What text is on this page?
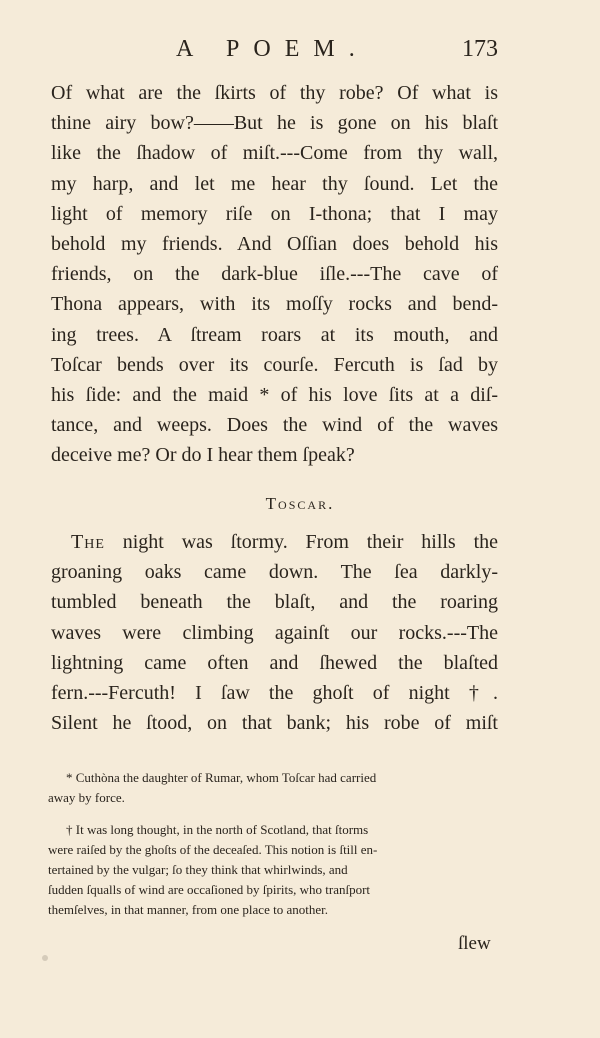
A POEM.	173
Of what are the ſkirts of thy robe? Of what is
thine airy bow?——But he is gone on his blaſt
like the ſhadow of miſt.---Come from thy wall,
my harp, and let me hear thy ſound. Let the
light of memory riſe on I-thona; that I may
behold my friends. And Oſſian does behold his
friends, on the dark-blue iſle.---The cave of
Thona appears, with its moſſy rocks and bend-
ing trees. A ſtream roars at its mouth, and
Toſcar bends over its courſe. Fercuth is ſad by
his ſide: and the maid * of his love ſits at a diſ-
tance, and weeps. Does the wind of the waves
deceive me? Or do I hear them ſpeak?
Toscar.
The night was ſtormy. From their hills the
groaning oaks came down. The ſea darkly-
tumbled beneath the blaſt, and the roaring
waves were climbing againſt our rocks.---The
lightning came often and ſhewed the blaſted
fern.---Fercuth! I ſaw the ghoſt of night †.
Silent he ſtood, on that bank; his robe of miſt
* Cuthòna the daughter of Rumar, whom Toſcar had carried
away by force.
† It was long thought, in the north of Scotland, that ſtorms
were raiſed by the ghoſts of the deceaſed. This notion is ſtill en-
tertained by the vulgar; ſo they think that whirlwinds, and
ſudden ſqualls of wind are occaſioned by ſpirits, who tranſport
themſelves, in that manner, from one place to another.
ſlew
